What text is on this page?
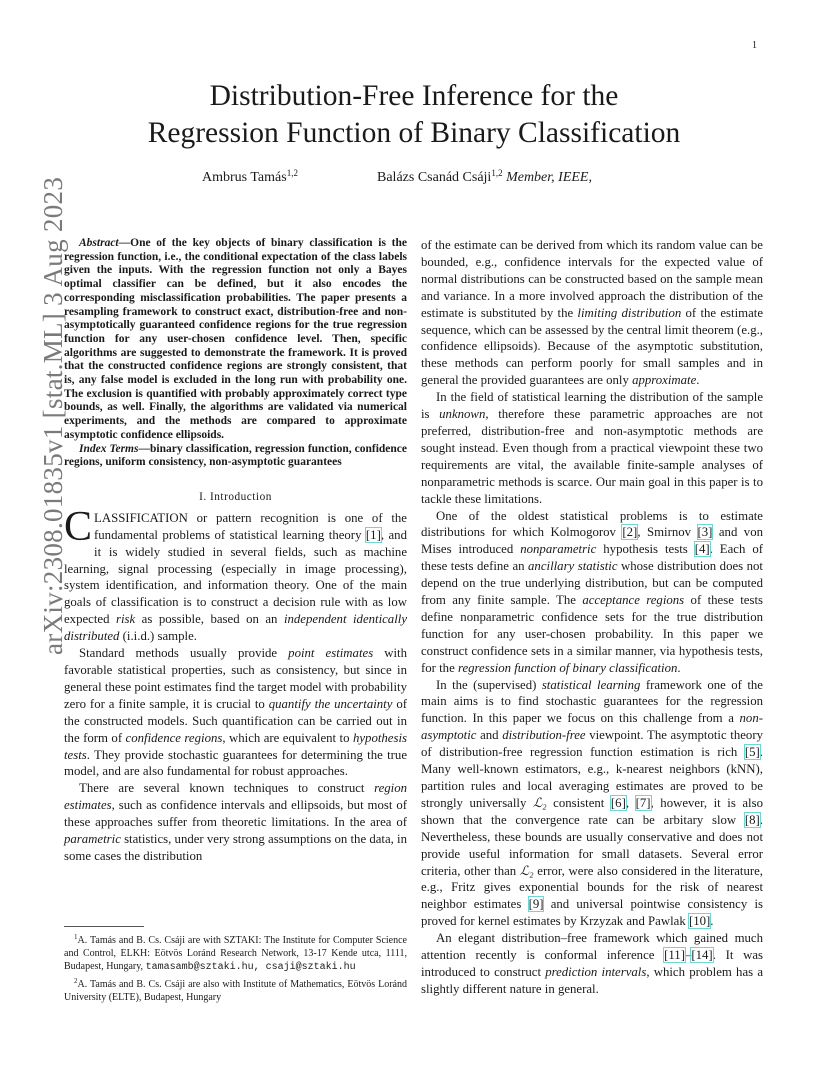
1
arXiv:2308.01835v1 [stat.ML] 3 Aug 2023
Distribution-Free Inference for the
Regression Function of Binary Classification
Ambrus Tamás$^{1,2}$	Balázs Csanád Csáji$^{1,2}$ Member, IEEE,

Abstract—One of the key objects of binary classification is the regression function, i.e., the conditional expectation of the class labels given the inputs. With the regression function not only a Bayes optimal classifier can be defined, but it also encodes the corresponding misclassification probabilities. The paper presents a resampling framework to construct exact, distribution-free and non-asymptotically guaranteed confidence regions for the true regression function for any user-chosen confidence level. Then, specific algorithms are suggested to demonstrate the framework. It is proved that the constructed confidence regions are strongly consistent, that is, any false model is excluded in the long run with probability one. The exclusion is quantified with probably approximately correct type bounds, as well. Finally, the algorithms are validated via numerical experiments, and the methods are compared to approximate asymptotic confidence ellipsoids.

Index Terms—binary classification, regression function, confidence regions, uniform consistency, non-asymptotic guarantees

I. Introduction

CLASSIFICATION or pattern recognition is one of the fundamental problems of statistical learning theory [1], and it is widely studied in several fields, such as machine learning, signal processing (especially in image processing), system identification, and information theory. One of the main goals of classification is to construct a decision rule with as low expected risk as possible, based on an independent identically distributed (i.i.d.) sample.

Standard methods usually provide point estimates with favorable statistical properties, such as consistency, but since in general these point estimates find the target model with probability zero for a finite sample, it is crucial to quantify the uncertainty of the constructed models. Such quantification can be carried out in the form of confidence regions, which are equivalent to hypothesis tests. They provide stochastic guarantees for determining the true model, and are also fundamental for robust approaches.

There are several known techniques to construct region estimates, such as confidence intervals and ellipsoids, but most of these approaches suffer from theoretic limitations. In the area of parametric statistics, under very strong assumptions on the data, in some cases the distribution

$^1$A. Tamás and B. Cs. Csáji are with SZTAKI: The Institute for Computer Science and Control, ELKH: Eötvös Loránd Research Network, 13-17 Kende utca, 1111, Budapest, Hungary, tamasamb@sztaki.hu, csaji@sztaki.hu

$^2$A. Tamás and B. Cs. Csáji are also with Institute of Mathematics, Eötvös Loránd University (ELTE), Budapest, Hungary

of the estimate can be derived from which its random value can be bounded, e.g., confidence intervals for the expected value of normal distributions can be constructed based on the sample mean and variance. In a more involved approach the distribution of the estimate is substituted by the limiting distribution of the estimate sequence, which can be assessed by the central limit theorem (e.g., confidence ellipsoids). Because of the asymptotic substitution, these methods can perform poorly for small samples and in general the provided guarantees are only approximate.

In the field of statistical learning the distribution of the sample is unknown, therefore these parametric approaches are not preferred, distribution-free and non-asymptotic methods are sought instead. Even though from a practical viewpoint these two requirements are vital, the available finite-sample analyses of nonparametric methods is scarce. Our main goal in this paper is to tackle these limitations.

One of the oldest statistical problems is to estimate distributions for which Kolmogorov [2], Smirnov [3] and von Mises introduced nonparametric hypothesis tests [4]. Each of these tests define an ancillary statistic whose distribution does not depend on the true underlying distribution, but can be computed from any finite sample. The acceptance regions of these tests define nonparametric confidence sets for the true distribution function for any user-chosen probability. In this paper we construct confidence sets in a similar manner, via hypothesis tests, for the regression function of binary classification.

In the (supervised) statistical learning framework one of the main aims is to find stochastic guarantees for the regression function. In this paper we focus on this challenge from a non-asymptotic and distribution-free viewpoint. The asymptotic theory of distribution-free regression function estimation is rich [5]. Many well-known estimators, e.g., k-nearest neighbors (kNN), partition rules and local averaging estimates are proved to be strongly universally ℒ₂ consistent [6], [7], however, it is also shown that the convergence rate can be arbitary slow [8]. Nevertheless, these bounds are usually conservative and does not provide useful information for small datasets. Several error criteria, other than ℒ₂ error, were also considered in the literature, e.g., Fritz gives exponential bounds for the risk of nearest neighbor estimates [9] and universal pointwise consistency is proved for kernel estimates by Krzyzak and Pawlak [10].

An elegant distribution–free framework which gained much attention recently is conformal inference [11]–[14]. It was introduced to construct prediction intervals, which problem has a slightly different nature in general.
